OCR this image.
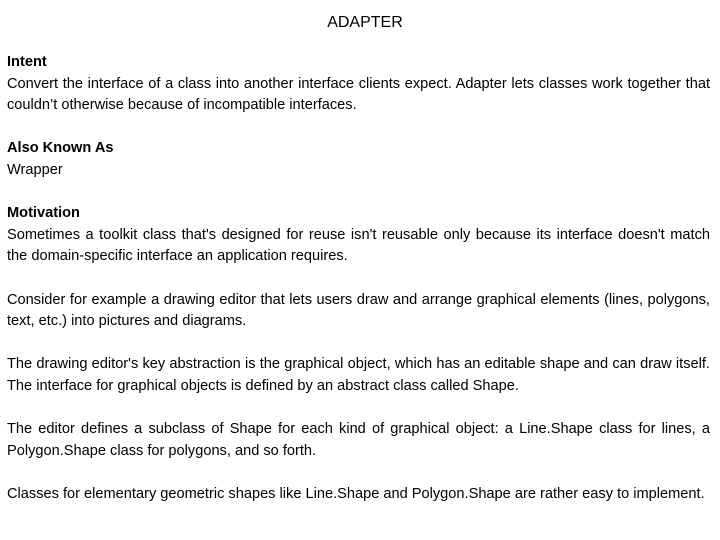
ADAPTER
Intent
Convert the interface of a class into another interface clients expect. Adapter lets classes work together that couldn’t otherwise because of incompatible interfaces.
Also Known As
Wrapper
Motivation
Sometimes a toolkit class that's designed for reuse isn't reusable only because its interface doesn't match the domain-specific interface an application requires.
Consider for example a drawing editor that lets users draw and arrange graphical elements (lines, polygons, text, etc.) into pictures and diagrams.
The drawing editor's key abstraction is the graphical object, which has an editable shape and can draw itself. The interface for graphical objects is defined by an abstract class called Shape.
The editor defines a subclass of Shape for each kind of graphical object: a Line.Shape class for lines, a Polygon.Shape class for polygons, and so forth.
Classes for elementary geometric shapes like Line.Shape and Polygon.Shape are rather easy to implement.
